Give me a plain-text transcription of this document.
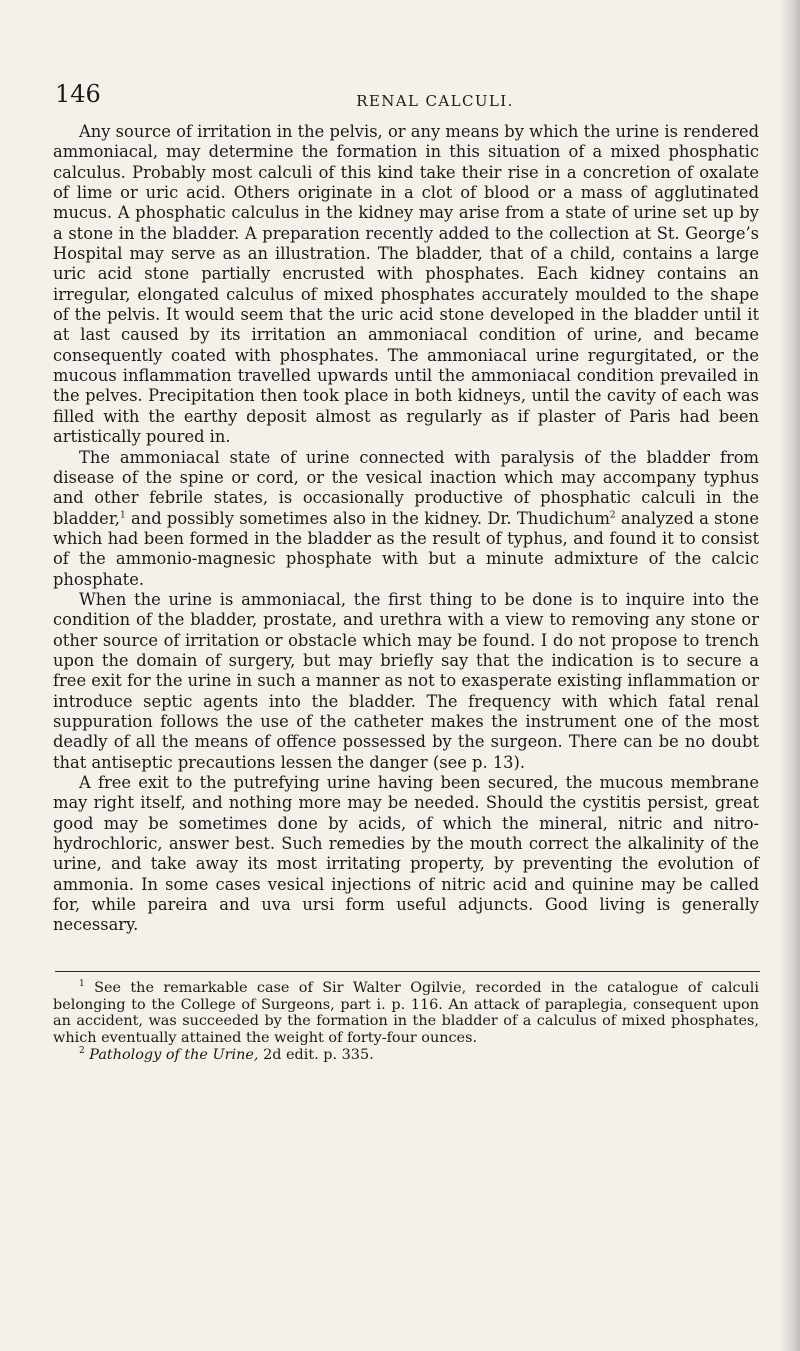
146	RENAL CALCULI.

Any source of irritation in the pelvis, or any means by which the urine is rendered ammoniacal, may determine the formation in this situation of a mixed phosphatic calculus. Probably most calculi of this kind take their rise in a concretion of oxalate of lime or uric acid. Others originate in a clot of blood or a mass of agglutinated mucus. A phosphatic calculus in the kidney may arise from a state of urine set up by a stone in the bladder. A preparation recently added to the collection at St. George’s Hospital may serve as an illustration. The bladder, that of a child, contains a large uric acid stone partially encrusted with phosphates. Each kidney contains an irregular, elongated calculus of mixed phosphates accurately moulded to the shape of the pelvis. It would seem that the uric acid stone developed in the bladder until it at last caused by its irritation an ammoniacal condition of urine, and became consequently coated with phosphates. The ammoniacal urine regurgitated, or the mucous inflammation travelled upwards until the ammoniacal condition prevailed in the pelves. Precipitation then took place in both kidneys, until the cavity of each was filled with the earthy deposit almost as regularly as if plaster of Paris had been artistically poured in.

The ammoniacal state of urine connected with paralysis of the bladder from disease of the spine or cord, or the vesical inaction which may accompany typhus and other febrile states, is occasionally productive of phosphatic calculi in the bladder,$^1$ and possibly sometimes also in the kidney. Dr. Thudichum$^2$ analyzed a stone which had been formed in the bladder as the result of typhus, and found it to consist of the ammonio-magnesic phosphate with but a minute admixture of the calcic phosphate.

When the urine is ammoniacal, the first thing to be done is to inquire into the condition of the bladder, prostate, and urethra with a view to removing any stone or other source of irritation or obstacle which may be found. I do not propose to trench upon the domain of surgery, but may briefly say that the indication is to secure a free exit for the urine in such a manner as not to exasperate existing inflammation or introduce septic agents into the bladder. The frequency with which fatal renal suppuration follows the use of the catheter makes the instrument one of the most deadly of all the means of offence possessed by the surgeon. There can be no doubt that antiseptic precautions lessen the danger (see p. 13).

A free exit to the putrefying urine having been secured, the mucous membrane may right itself, and nothing more may be needed. Should the cystitis persist, great good may be sometimes done by acids, of which the mineral, nitric and nitro-hydrochloric, answer best. Such remedies by the mouth correct the alkalinity of the urine, and take away its most irritating property, by preventing the evolution of ammonia. In some cases vesical injections of nitric acid and quinine may be called for, while pareira and uva ursi form useful adjuncts. Good living is generally necessary.

$^1$ See the remarkable case of Sir Walter Ogilvie, recorded in the catalogue of calculi belonging to the College of Surgeons, part i. p. 116. An attack of paraplegia, consequent upon an accident, was succeeded by the formation in the bladder of a calculus of mixed phosphates, which eventually attained the weight of forty-four ounces.

$^2$ Pathology of the Urine, 2d edit. p. 335.
